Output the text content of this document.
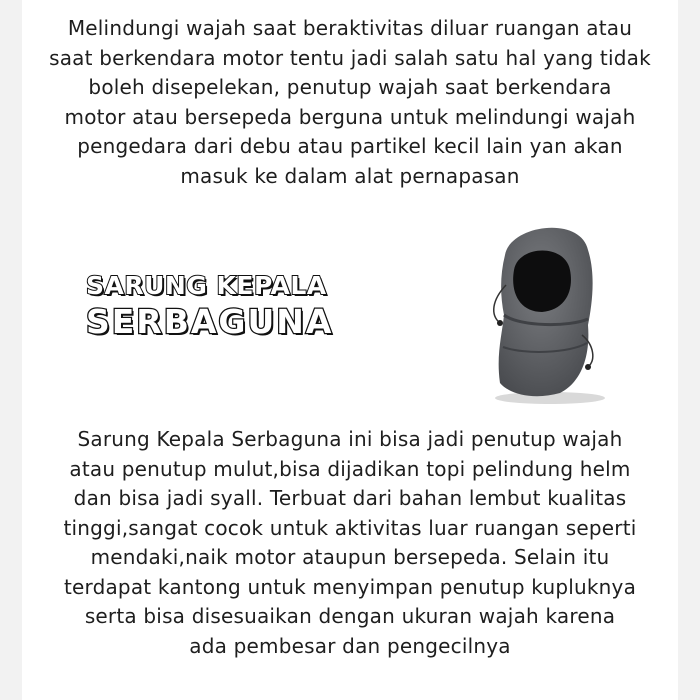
Melindungi wajah saat beraktivitas diluar ruangan atau
saat berkendara motor tentu jadi salah satu hal yang tidak
boleh disepelekan, penutup wajah saat berkendara
motor atau bersepeda berguna untuk melindungi wajah
pengedara dari debu atau partikel kecil lain yan akan
masuk ke dalam alat pernapasan
SARUNG KEPALA
SERBAGUNA
Sarung Kepala Serbaguna ini bisa jadi penutup wajah
atau penutup mulut,bisa dijadikan topi pelindung helm
dan bisa jadi syall. Terbuat dari bahan lembut kualitas
tinggi,sangat cocok untuk aktivitas luar ruangan seperti
mendaki,naik motor ataupun bersepeda. Selain itu
terdapat kantong untuk menyimpan penutup kupluknya
serta bisa disesuaikan dengan ukuran wajah karena
ada pembesar dan pengecilnya
